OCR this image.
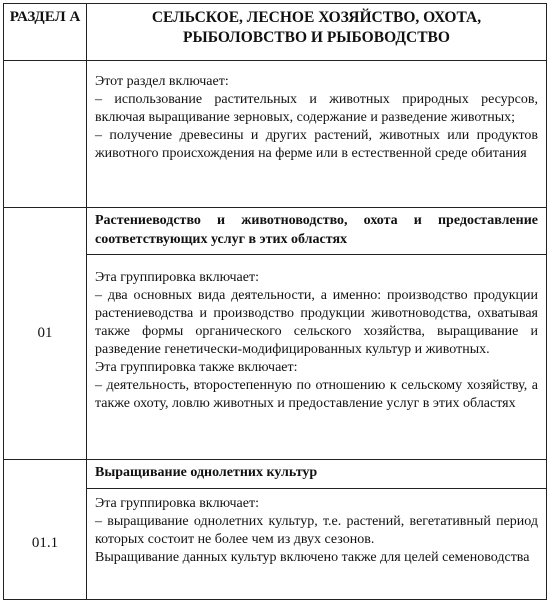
РАЗДЕЛ А	СЕЛЬСКОЕ, ЛЕСНОЕ ХОЗЯЙСТВО, ОХОТА, РЫБОЛОВСТВО И РЫБОВОДСТВО

	Этот раздел включает:

– использование растительных и животных природных ресурсов, включая выращивание зерновых, содержание и разведение животных;

– получение древесины и других растений, животных или продуктов животного происхождения на ферме или в естественной среде обитания

01	Растениеводство и животноводство, охота и предоставление соответствующих услуг в этих областях

	Эта группировка включает:

– два основных вида деятельности, а именно: производство продукции растениеводства и производство продукции животноводства, охватывая также формы органического сельского хозяйства, выращивание и разведение генетически-модифицированных культур и животных.

Эта группировка также включает:

– деятельность, второстепенную по отношению к сельскому хозяйству, а также охоту, ловлю животных и предоставление услуг в этих областях

01.1	Выращивание однолетних культур

	Эта группировка включает:

– выращивание однолетних культур, т.е. растений, вегетативный период которых состоит не более чем из двух сезонов.

Выращивание данных культур включено также для целей семеноводства
